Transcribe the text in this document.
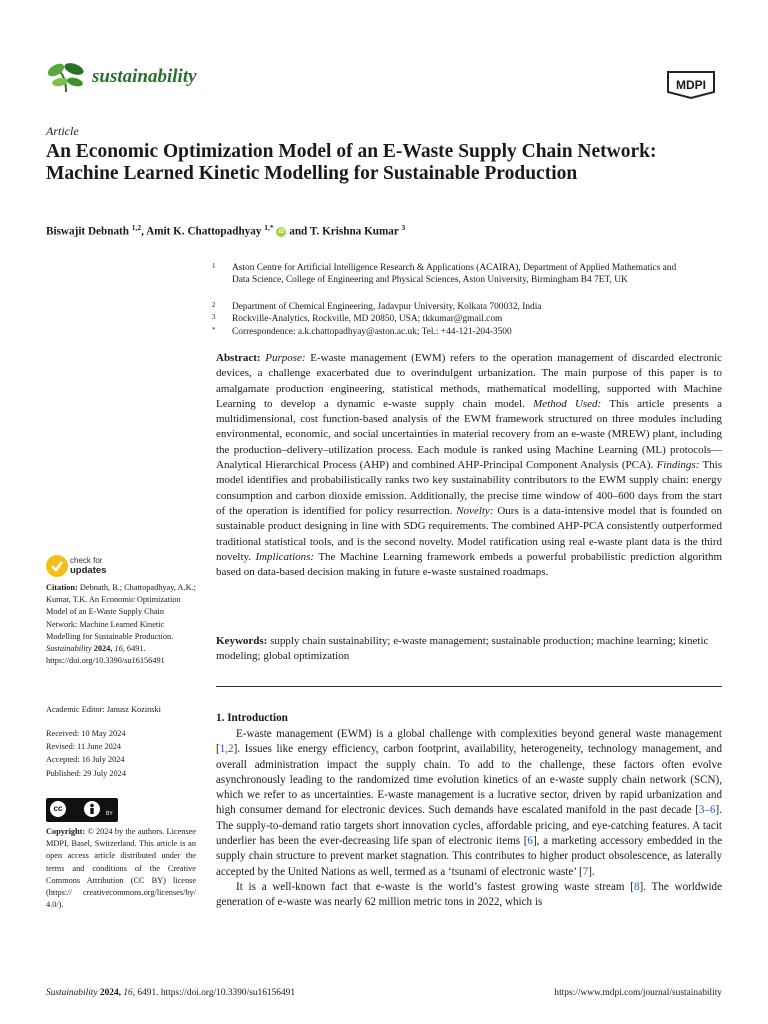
sustainability	MDPI
Article
An Economic Optimization Model of an E-Waste Supply Chain Network: Machine Learned Kinetic Modelling for Sustainable Production
Biswajit Debnath $^{1,2}$, Amit K. Chattopadhyay $^{1,*}$ iD and T. Krishna Kumar $^3$
1 Aston Centre for Artificial Intelligence Research & Applications (ACAIRA), Department of Applied Mathematics and Data Science, College of Engineering and Physical Sciences, Aston University, Birmingham B4 7ET, UK
2 Department of Chemical Engineering, Jadavpur University, Kolkata 700032, India
3 Rockville-Analytics, Rockville, MD 20850, USA; tkkumar@gmail.com
* Correspondence: a.k.chattopadhyay@aston.ac.uk; Tel.: +44-121-204-3500
Abstract: Purpose: E-waste management (EWM) refers to the operation management of discarded electronic devices, a challenge exacerbated due to overindulgent urbanization. The main purpose of this paper is to amalgamate production engineering, statistical methods, mathematical modelling, supported with Machine Learning to develop a dynamic e-waste supply chain model. Method Used: This article presents a multidimensional, cost function-based analysis of the EWM framework structured on three modules including environmental, economic, and social uncertainties in material recovery from an e-waste (MREW) plant, including the production–delivery–utilization process. Each module is ranked using Machine Learning (ML) protocols—Analytical Hierarchical Process (AHP) and combined AHP-Principal Component Analysis (PCA). Findings: This model identifies and probabilistically ranks two key sustainability contributors to the EWM supply chain: energy consumption and carbon dioxide emission. Additionally, the precise time window of 400–600 days from the start of the operation is identified for policy resurrection. Novelty: Ours is a data-intensive model that is founded on sustainable product designing in line with SDG requirements. The combined AHP-PCA consistently outperformed traditional statistical tools, and is the second novelty. Model ratification using real e-waste plant data is the third novelty. Implications: The Machine Learning framework embeds a powerful probabilistic prediction algorithm based on data-based decision making in future e-waste sustained roadmaps.
Keywords: supply chain sustainability; e-waste management; sustainable production; machine learning; kinetic modeling; global optimization
check for
updates
Citation: Debnath, B.; Chattopadhyay, A.K.; Kumar, T.K. An Economic Optimization Model of an E-Waste Supply Chain Network: Machine Learned Kinetic Modelling for Sustainable Production. Sustainability 2024, 16, 6491. https://doi.org/10.3390/su16156491
Academic Editor: Janusz Kozinski
Received: 10 May 2024
Revised: 11 June 2024
Accepted: 16 July 2024
Published: 29 July 2024
cc
BY
Copyright: © 2024 by the authors. Licensee MDPI, Basel, Switzerland. This article is an open access article distributed under the terms and conditions of the Creative Commons Attribution (CC BY) license (https:// creativecommons.org/licenses/by/ 4.0/).
1. Introduction

E-waste management (EWM) is a global challenge with complexities beyond general waste management [1,2]. Issues like energy efficiency, carbon footprint, availability, heterogeneity, technology management, and overall administration impact the supply chain. To add to the challenge, these factors often evolve asynchronously leading to the randomized time evolution kinetics of an e-waste supply chain network (SCN), which we refer to as uncertainties. E-waste management is a lucrative sector, driven by rapid urbanization and high consumer demand for electronic devices. Such demands have escalated manifold in the past decade [3–6]. The supply-to-demand ratio targets short innovation cycles, affordable pricing, and eye-catching features. A tacit underlier has been the ever-decreasing life span of electronic items [6], a marketing accessory embedded in the supply chain structure to prevent market stagnation. This contributes to higher product obsolescence, as laterally accepted by the United Nations as well, termed as a ‘tsunami of electronic waste’ [7].

It is a well-known fact that e-waste is the world’s fastest growing waste stream [8]. The worldwide generation of e-waste was nearly 62 million metric tons in 2022, which is

Sustainability 2024, 16, 6491. https://doi.org/10.3390/su16156491	https://www.mdpi.com/journal/sustainability
